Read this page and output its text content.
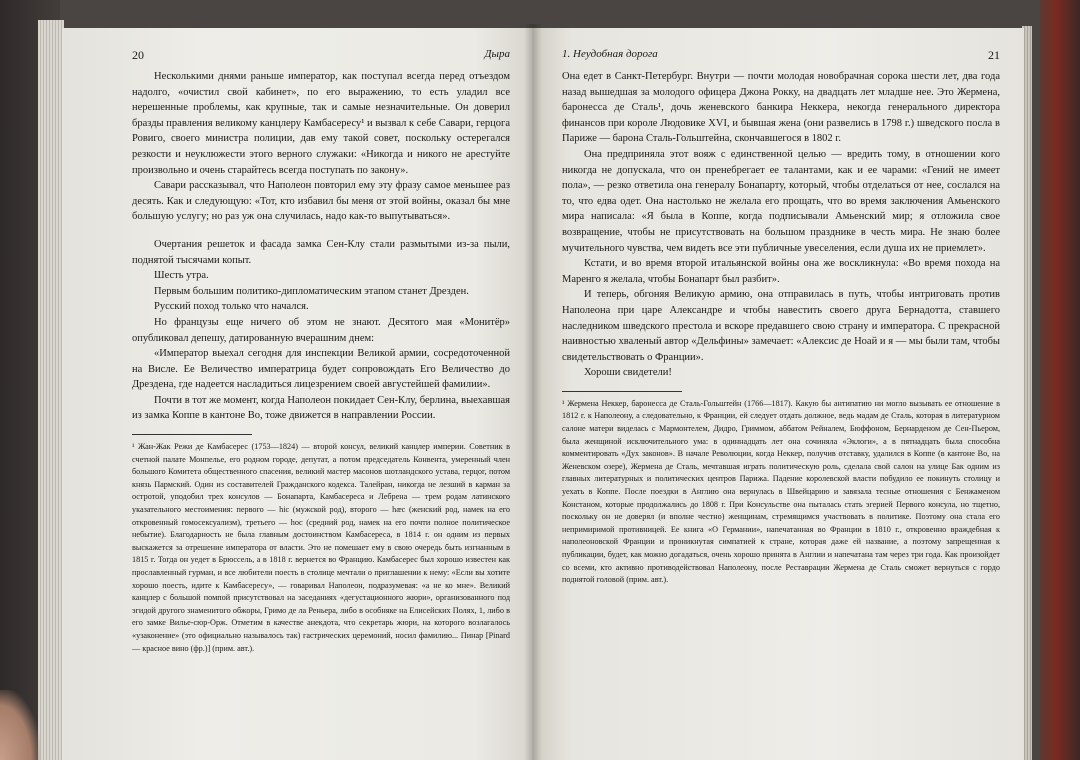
20	Дыра

Несколькими днями раньше император, как поступал всегда перед отъездом надолго, «очистил свой кабинет», по его выражению, то есть уладил все нерешенные проблемы, как крупные, так и самые незначительные. Он доверил бразды правления великому канцлеру Камбасересу¹ и вызвал к себе Савари, герцога Ровиго, своего министра полиции, дав ему такой совет, поскольку остерегался резкости и неуклюжести этого верного служаки: «Никогда и никого не арестуйте произвольно и очень старайтесь всегда поступать по закону».

Савари рассказывал, что Наполеон повторил ему эту фразу самое меньшее раз десять. Как и следующую: «Тот, кто избавил бы меня от этой войны, оказал бы мне большую услугу; но раз уж она случилась, надо как-то выпутываться».

Очертания решеток и фасада замка Сен-Клу стали размытыми из-за пыли, поднятой тысячами копыт.

Шесть утра.

Первым большим политико-дипломатическим этапом станет Дрезден.

Русский поход только что начался.

Но французы еще ничего об этом не знают. Десятого мая «Монитёр» опубликовал депешу, датированную вчерашним днем:

«Император выехал сегодня для инспекции Великой армии, сосредоточенной на Висле. Ее Величество императрица будет сопровождать Его Величество до Дрездена, где надеется насладиться лицезрением своей августейшей фамилии».

Почти в тот же момент, когда Наполеон покидает Сен-Клу, берлина, выехавшая из замка Коппе в кантоне Во, тоже движется в направлении России.

¹ Жан-Жак Режи де Камбасерес (1753—1824) — второй консул, великий канцлер империи. Советник в счетной палате Монпелье, его родном городе, депутат, а потом председатель Конвента, умеренный член большого Комитета общественного спасения, великий мастер масонов шотландского устава, герцог, потом князь Пармский. Один из составителей Гражданского кодекса. Талейран, никогда не лезший в карман за остротой, уподобил трех консулов — Бонапарта, Камбасереса и Лебрена — трем родам латинского указательного местоимения: первого — hic (мужской род), второго — hæc (женский род, намек на его откровенный гомосексуализм), третьего — hoc (средний род, намек на его почти полное политическое небытие). Благодарность не была главным достоинством Камбасереса, в 1814 г. он одним из первых выскажется за отрешение императора от власти. Это не помешает ему в свою очередь быть изгнанным в 1815 г. Тогда он уедет в Брюссель, а в 1818 г. вернется во Францию. Камбасерес был хорошо известен как прославленный гурман, и все любители поесть в столице мечтали о приглашении к нему: «Если вы хотите хорошо поесть, идите к Камбасересу», — говаривал Наполеон, подразумевая: «а не ко мне». Великий канцлер с большой помпой присутствовал на заседаниях «дегустационного жюри», организованного под эгидой другого знаменитого обжоры, Гримо де ла Реньера, либо в особняке на Елисейских Полях, 1, либо в его замке Вилье-сюр-Орж. Отметим в качестве анекдота, что секретарь жюри, на которого возлагалось «узаконение» (это официально называлось так) гастрических церемоний, носил фамилию... Пинар [Pinard — красное вино (фр.)] (прим. авт.).
1. Неудобная дорога	21

Она едет в Санкт-Петербург. Внутри — почти молодая новобрачная сорока шести лет, два года назад вышедшая за молодого офицера Джона Рокку, на двадцать лет младше нее. Это Жермена, баронесса де Сталь¹, дочь женевского банкира Неккера, некогда генерального директора финансов при короле Людовике XVI, и бывшая жена (они развелись в 1798 г.) шведского посла в Париже — барона Сталь-Гольштейна, скончавшегося в 1802 г.

Она предприняла этот вояж с единственной целью — вредить тому, в отношении кого никогда не допускала, что он пренебрегает ее талантами, как и ее чарами: «Гений не имеет пола», — резко ответила она генералу Бонапарту, который, чтобы отделаться от нее, сослался на то, что едва одет. Она настолько не желала его прощать, что во время заключения Амьенского мира написала: «Я была в Коппе, когда подписывали Амьенский мир; я отложила свое возвращение, чтобы не присутствовать на большом празднике в честь мира. Не знаю более мучительного чувства, чем видеть все эти публичные увеселения, если душа их не приемлет».

Кстати, и во время второй итальянской войны она же воскликнула: «Во время похода на Маренго я желала, чтобы Бонапарт был разбит».

И теперь, обгоняя Великую армию, она отправилась в путь, чтобы интриговать против Наполеона при царе Александре и чтобы навестить своего друга Бернадотта, ставшего наследником шведского престола и вскоре предавшего свою страну и императора. С прекрасной наивностью хваленый автор «Дельфины» замечает: «Алексис де Ноай и я — мы были там, чтобы свидетельствовать о Франции».

Хороши свидетели!

¹ Жермена Неккер, баронесса де Сталь-Гольштейн (1766—1817). Какую бы антипатию ни могло вызывать ее отношение в 1812 г. к Наполеону, а следовательно, к Франции, ей следует отдать должное, ведь мадам де Сталь, которая в литературном салоне матери виделась с Мармонтелем, Дидро, Гриммом, аббатом Рейналем, Бюффоном, Бернарденом де Сен-Пьером, была женщиной исключительного ума: в одиннадцать лет она сочиняла «Эклоги», а в пятнадцать была способна комментировать «Дух законов». В начале Революции, когда Неккер, получив отставку, удалился в Коппе (в кантоне Во, на Женевском озере), Жермена де Сталь, мечтавшая играть политическую роль, сделала свой салон на улице Бак одним из главных литературных и политических центров Парижа. Падение королевской власти побудило ее покинуть столицу и уехать в Коппе. После поездки в Англию она вернулась в Швейцарию и завязала тесные отношения с Бенжаменом Констаном, которые продолжались до 1808 г. При Консульстве она пыталась стать эгерией Первого консула, но тщетно, поскольку он не доверял (и вполне честно) женщинам, стремящимся участвовать в политике. Поэтому она стала его непримиримой противницей. Ее книга «О Германии», напечатанная во Франции в 1810 г., откровенно враждебная к наполеоновской Франции и проникнутая симпатией к стране, которая даже ей название, а поэтому запрещенная к публикации, будет, как можно догадаться, очень хорошо принята в Англии и напечатана там через три года. Как произойдет со всеми, кто активно противодействовал Наполеону, после Реставрации Жермена де Сталь сможет вернуться с гордо поднятой головой (прим. авт.).
